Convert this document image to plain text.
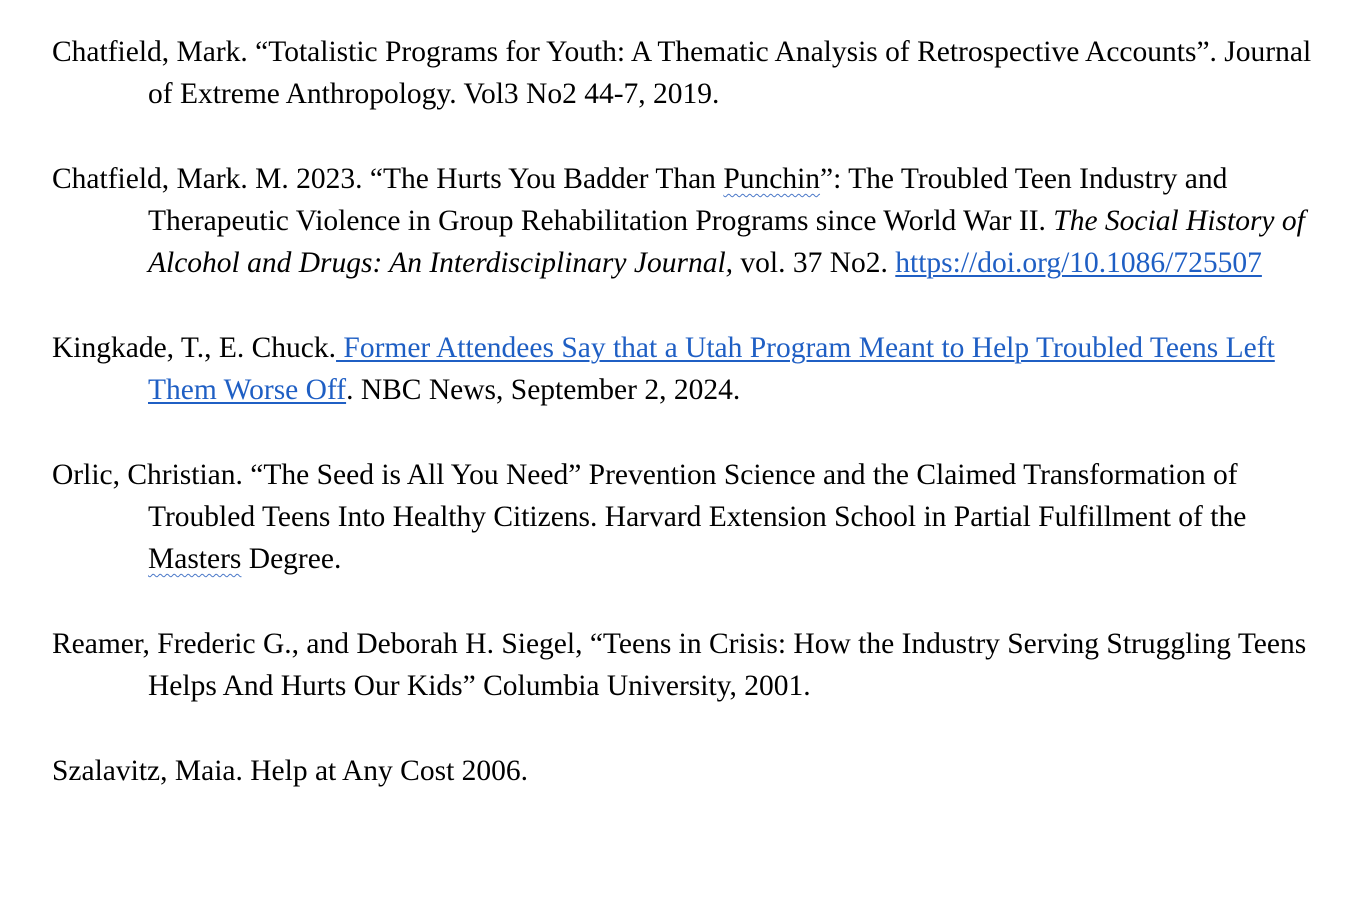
Chatfield, Mark. “Totalistic Programs for Youth: A Thematic Analysis of Retrospective Accounts”. Journal of Extreme Anthropology. Vol3 No2 44-7, 2019.

Chatfield, Mark. M. 2023. “The Hurts You Badder Than Punchin”: The Troubled Teen Industry and Therapeutic Violence in Group Rehabilitation Programs since World War II. The Social History of Alcohol and Drugs: An Interdisciplinary Journal, vol. 37 No2. https://doi.org/10.1086/725507

Kingkade, T., E. Chuck. Former Attendees Say that a Utah Program Meant to Help Troubled Teens Left Them Worse Off. NBC News, September 2, 2024.

Orlic, Christian. “The Seed is All You Need” Prevention Science and the Claimed Transformation of Troubled Teens Into Healthy Citizens. Harvard Extension School in Partial Fulfillment of the Masters Degree.

Reamer, Frederic G., and Deborah H. Siegel, “Teens in Crisis: How the Industry Serving Struggling Teens Helps And Hurts Our Kids” Columbia University, 2001.

Szalavitz, Maia. Help at Any Cost 2006.
